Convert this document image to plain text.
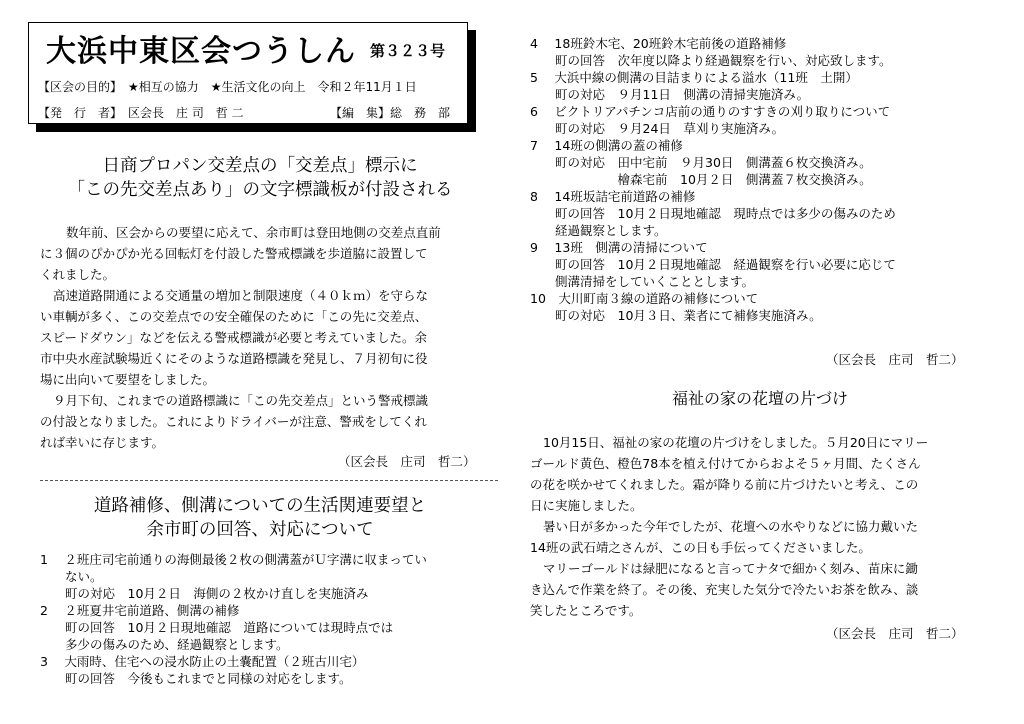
大浜中東区会つうしん 第３２３号
【区会の目的】　★相互の協力　★生活文化の向上　令和２年11月１日
【発　行　者】　区会長　庄 司　哲 二	【編　集】総　務　部
日商プロパン交差点の「交差点」標示に
「この先交差点あり」の文字標識板が付設される
数年前、区会からの要望に応えて、余市町は登田地側の交差点直前
に３個のぴかぴか光る回転灯を付設した警戒標識を歩道脇に設置して
くれました。
高速道路開通による交通量の増加と制限速度（４０ｋｍ）を守らな
い車輌が多く、この交差点での安全確保のために「この先に交差点、
スピードダウン」などを伝える警戒標識が必要と考えていました。余
市中央水産試験場近くにそのような道路標識を発見し、７月初旬に役
場に出向いて要望をしました。
９月下旬、これまでの道路標識に「この先交差点」という警戒標識
の付設となりました。これによりドライバーが注意、警戒をしてくれ
れば幸いに存じます。
（区会長　庄司　哲二）
道路補修、側溝についての生活関連要望と
余市町の回答、対応について
1　 ２班庄司宅前通りの海側最後２枚の側溝蓋がＵ字溝に収まってい
　　ない。
　　町の対応　10月２日　海側の２枚かけ直しを実施済み
2　 ２班夏井宅前道路、側溝の補修
　　町の回答　10月２日現地確認　道路については現時点では
　　多少の傷みのため、経過観察とします。
3　 大雨時、住宅への浸水防止の土嚢配置（２班古川宅）
　　町の回答　今後もこれまでと同様の対応をします。
4　 18班鈴木宅、20班鈴木宅前後の道路補修
　　町の回答　次年度以降より経過観察を行い、対応致します。
5　 大浜中線の側溝の目詰まりによる溢水（11班　土開）
　　町の対応　９月11日　側溝の清掃実施済み。
6　 ビクトリアパチンコ店前の通りのすすきの刈り取りについて
　　町の対応　９月24日　草刈り実施済み。
7　 14班の側溝の蓋の補修
　　町の対応　田中宅前　９月30日　側溝蓋６枚交換済み。
　　　　　　　檜森宅前　10月２日　側溝蓋７枚交換済み。
8　 14班坂詰宅前道路の補修
　　町の回答　10月２日現地確認　現時点では多少の傷みのため
　　経過観察とします。
9　 13班　側溝の清掃について
　　町の回答　10月２日現地確認　経過観察を行い必要に応じて
　　側溝清掃をしていくこととします。
10　大川町南３線の道路の補修について
　　町の対応　10月３日、業者にて補修実施済み。
（区会長　庄司　哲二）
福祉の家の花壇の片づけ
10月15日、福祉の家の花壇の片づけをしました。５月20日にマリー
ゴールド黄色、橙色78本を植え付けてからおよそ５ヶ月間、たくさん
の花を咲かせてくれました。霜が降りる前に片づけたいと考え、この
日に実施しました。
暑い日が多かった今年でしたが、花壇への水やりなどに協力戴いた
14班の武石靖之さんが、この日も手伝ってくださいました。
マリーゴールドは緑肥になると言ってナタで細かく刻み、苗床に鋤
き込んで作業を終了。その後、充実した気分で冷たいお茶を飲み、談
笑したところです。
（区会長　庄司　哲二）
